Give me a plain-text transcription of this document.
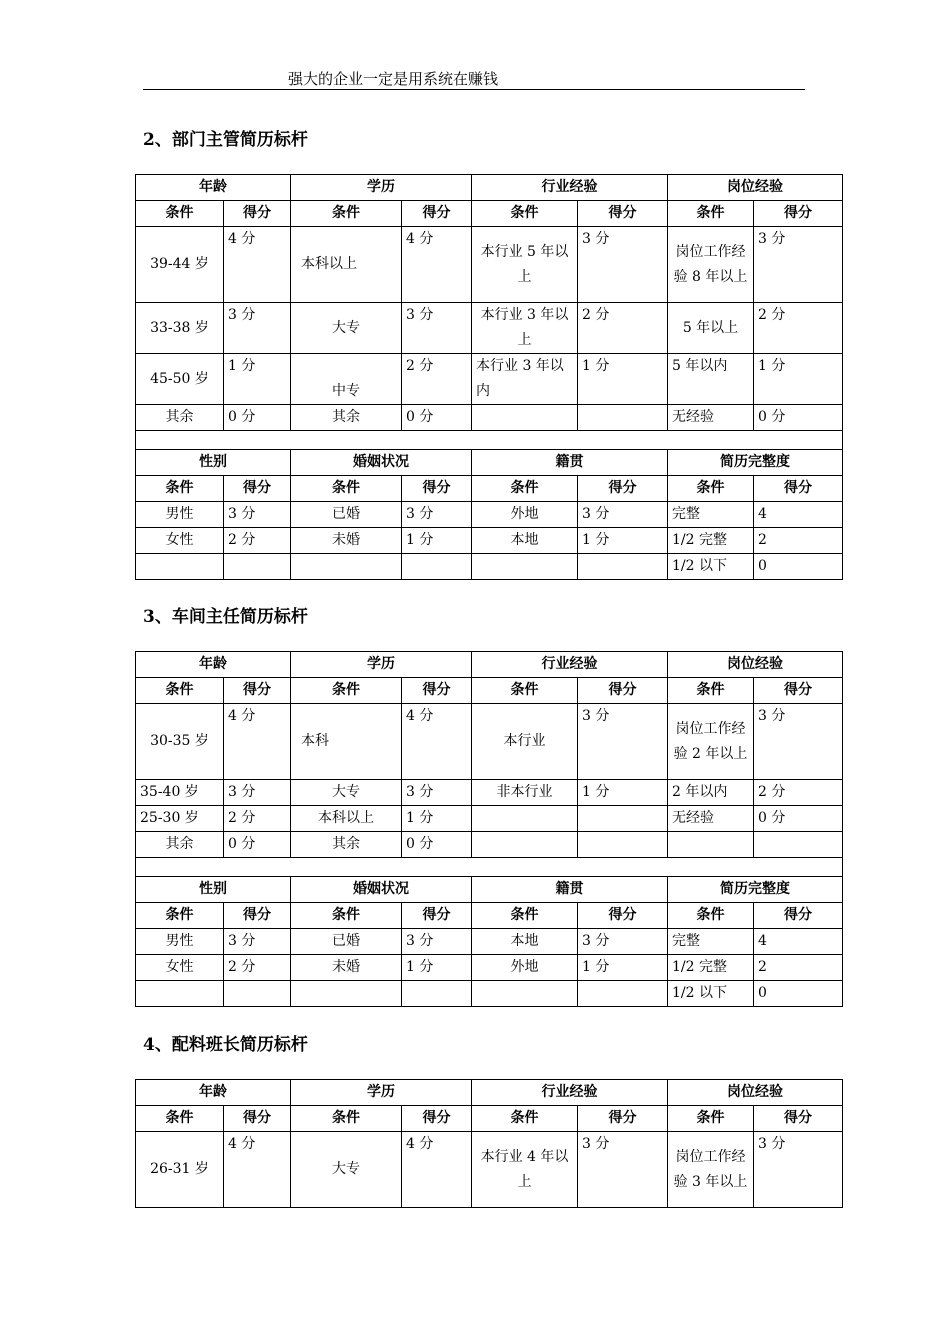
强大的企业一定是用系统在赚钱
2、部门主管简历标杆
年龄		学历		行业经验		岗位经验	
条件	得分	条件	得分	条件	得分	条件	得分
39-44 岁	4 分	本科以上	4 分	本行业 5 年以上	3 分	岗位工作经验 8 年以上	3 分
33-38 岁	3 分	大专	3 分	本行业 3 年以上	2 分	5 年以上	2 分
45-50 岁	1 分	中专	2 分	本行业 3 年以内	1 分	5 年以内	1 分
其余	0 分	其余	0 分			无经验	0 分

性别		婚姻状况		籍贯		简历完整度	
条件	得分	条件	得分	条件	得分	条件	得分
男性	3 分	已婚	3 分	外地	3 分	完整	4
女性	2 分	未婚	1 分	本地	1 分	1/2 完整	2
						1/2 以下	0
3、车间主任简历标杆
年龄		学历		行业经验		岗位经验	
条件	得分	条件	得分	条件	得分	条件	得分
30-35 岁	4 分	本科	4 分	本行业	3 分	岗位工作经验 2 年以上	3 分
35-40 岁	3 分	大专	3 分	非本行业	1 分	2 年以内	2 分
25-30 岁	2 分	本科以上	1 分			无经验	0 分
其余	0 分	其余	0 分				

性别		婚姻状况		籍贯		简历完整度	
条件	得分	条件	得分	条件	得分	条件	得分
男性	3 分	已婚	3 分	本地	3 分	完整	4
女性	2 分	未婚	1 分	外地	1 分	1/2 完整	2
						1/2 以下	0
4、配料班长简历标杆
年龄		学历		行业经验		岗位经验	
条件	得分	条件	得分	条件	得分	条件	得分
26-31 岁	4 分	大专	4 分	本行业 4 年以上	3 分	岗位工作经验 3 年以上	3 分
